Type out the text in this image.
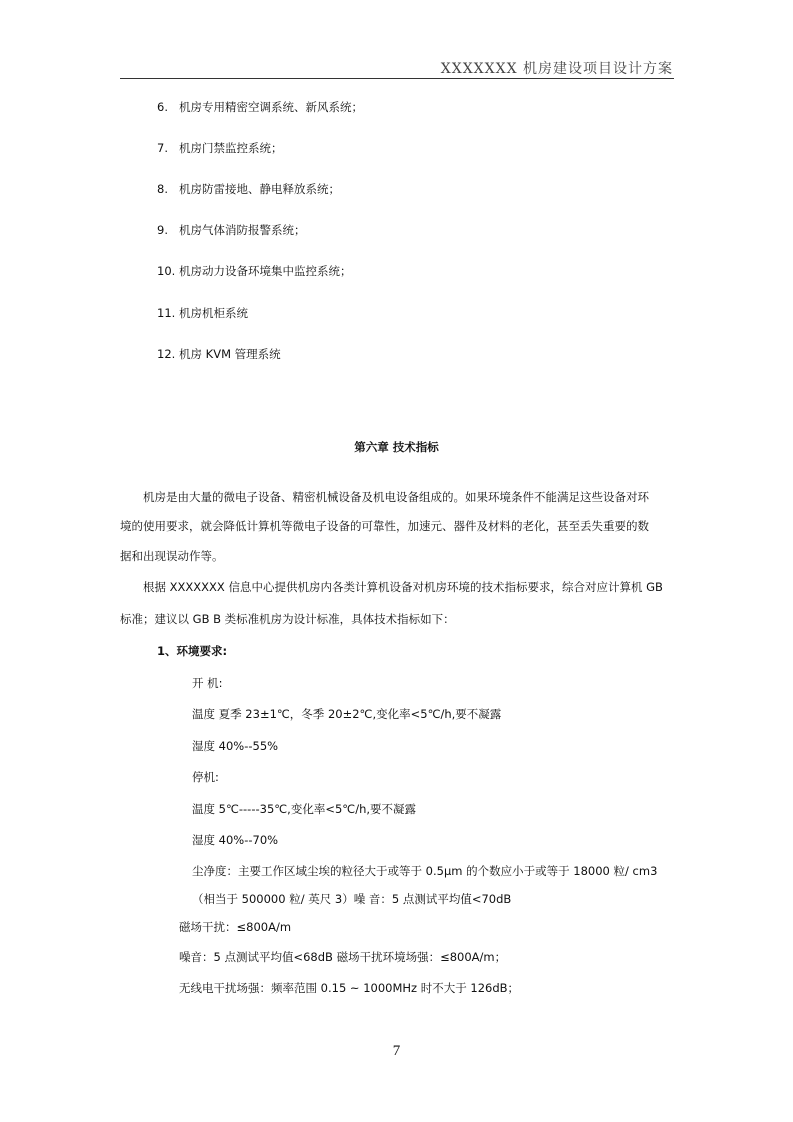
XXXXXXX 机房建设项目设计方案
6. 机房专用精密空调系统、新风系统；
7. 机房门禁监控系统；
8. 机房防雷接地、静电释放系统；
9. 机房气体消防报警系统；
10. 机房动力设备环境集中监控系统；
11. 机房机柜系统
12. 机房 KVM 管理系统
第六章 技术指标
机房是由大量的微电子设备、精密机械设备及机电设备组成的。如果环境条件不能满足这些设备对环
境的使用要求，就会降低计算机等微电子设备的可靠性，加速元、器件及材料的老化，甚至丢失重要的数
据和出现误动作等。
根据 XXXXXXX 信息中心提供机房内各类计算机设备对机房环境的技术指标要求，综合对应计算机 GB
标准；建议以 GB B 类标准机房为设计标准，具体技术指标如下：
1、环境要求:
开 机:
温度 夏季 23±1℃，冬季 20±2℃,变化率<5℃/h,要不凝露
湿度 40%--55%
停机:
温度 5℃-----35℃,变化率<5℃/h,要不凝露
湿度 40%--70%
尘净度：主要工作区域尘埃的粒径大于或等于 0.5μm 的个数应小于或等于 18000 粒/ cm3
（相当于 500000 粒/ 英尺 3）噪 音：5 点测试平均值<70dB
磁场干扰：≤800A/m
噪音：5 点测试平均值<68dB 磁场干扰环境场强：≤800A/m；
无线电干扰场强：频率范围 0.15 ~ 1000MHz 时不大于 126dB；
7
